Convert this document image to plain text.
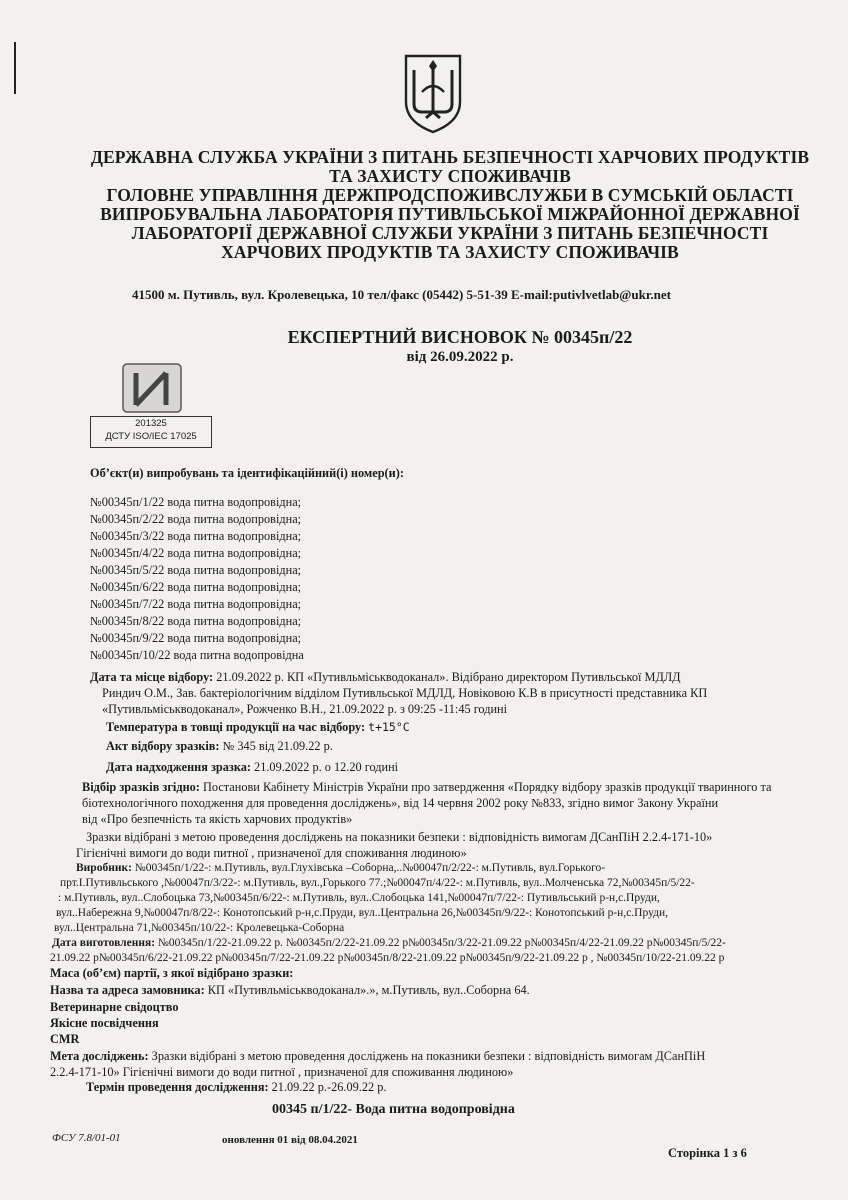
ДЕРЖАВНА СЛУЖБА УКРАЇНИ З ПИТАНЬ БЕЗПЕЧНОСТІ ХАРЧОВИХ ПРОДУКТІВ
ТА ЗАХИСТУ СПОЖИВАЧІВ
ГОЛОВНЕ УПРАВЛІННЯ ДЕРЖПРОДСПОЖИВСЛУЖБИ В СУМСЬКІЙ ОБЛАСТІ
ВИПРОБУВАЛЬНА ЛАБОРАТОРІЯ ПУТИВЛЬСЬКОЇ МІЖРАЙОННОЇ ДЕРЖАВНОЇ
ЛАБОРАТОРІЇ ДЕРЖАВНОЇ СЛУЖБИ УКРАЇНИ З ПИТАНЬ БЕЗПЕЧНОСТІ
ХАРЧОВИХ ПРОДУКТІВ ТА ЗАХИСТУ СПОЖИВАЧІВ
41500 м. Путивль, вул. Кролевецька, 10 тел/факс (05442) 5-51-39 E-mail:putivlvetlab@ukr.net
ЕКСПЕРТНИЙ ВИСНОВОК № 00345п/22
від 26.09.2022 р.
201325
ДСТУ ISO/IEC 17025
Об’єкт(и) випробувань та ідентифікаційний(і) номер(и):
№00345п/1/22 вода питна водопровідна;
№00345п/2/22 вода питна водопровідна;
№00345п/3/22 вода питна водопровідна;
№00345п/4/22 вода питна водопровідна;
№00345п/5/22 вода питна водопровідна;
№00345п/6/22 вода питна водопровідна;
№00345п/7/22 вода питна водопровідна;
№00345п/8/22 вода питна водопровідна;
№00345п/9/22 вода питна водопровідна;
№00345п/10/22 вода питна водопровідна
Дата та місце відбору: 21.09.2022 р. КП «Путивльміськводоканал». Відібрано директором Путивльської МДЛД
Риндич О.М., Зав. бактеріологічним відділом Путивльської МДЛД, Новіковою К.В в присутності представника КП
«Путивльміськводоканал», Рожченко В.Н., 21.09.2022 р. з 09:25 -11:45 годині
Температура в товщі продукції на час відбору: t+15°С
Акт відбору зразків: № 345 від 21.09.22 р.
Дата надходження зразка: 21.09.2022 р. о 12.20 годині
Відбір зразків згідно: Постанови Кабінету Міністрів України про затвердження «Порядку відбору зразків продукції тваринного та
біотехнологічного походження для проведення досліджень», від 14 червня 2002 року №833, згідно вимог Закону України
від «Про безпечність та якість харчових продуктів»
Зразки відібрані з метою проведення досліджень на показники безпеки : відповідність вимогам ДСанПіН 2.2.4-171-10»
Гігієнічні вимоги до води питної , призначеної для споживання людиною»
Виробник: №00345п/1/22-: м.Путивль, вул.Глухівська –Соборна,..№00047п/2/22-: м.Путивль, вул.Горького-
прт.І.Путивльського ,№00047п/3/22-: м.Путивль, вул.,Горького 77.;№00047п/4/22-: м.Путивль, вул..Молченська 72,№00345п/5/22-
: м.Путивль, вул..Слобоцька 73,№00345п/6/22-: м.Путивль, вул..Слобоцька 141,№00047п/7/22-: Путивльський р-н,с.Пруди,
вул..Набережна 9,№00047п/8/22-: Конотопський р-н,с.Пруди, вул..Центральна 26,№00345п/9/22-: Конотопський р-н,с.Пруди,
вул..Центральна 71,№00345п/10/22-: Кролевецька-Соборна
Дата виготовлення: №00345п/1/22-21.09.22 р. №00345п/2/22-21.09.22 р№00345п/3/22-21.09.22 р№00345п/4/22-21.09.22 р№00345п/5/22-
21.09.22 р№00345п/6/22-21.09.22 р№00345п/7/22-21.09.22 р№00345п/8/22-21.09.22 р№00345п/9/22-21.09.22 р , №00345п/10/22-21.09.22 р
Маса (об’єм) партії, з якої відібрано зразки:
Назва та адреса замовника: КП «Путивльміськводоканал».», м.Путивль, вул..Соборна 64.
Ветеринарне свідоцтво
Якісне посвідчення
CMR
Мета досліджень: Зразки відібрані з метою проведення досліджень на показники безпеки : відповідність вимогам ДСанПіН
2.2.4-171-10» Гігієнічні вимоги до води питної , призначеної для споживання людиною»
Термін проведення дослідження: 21.09.22 р.-26.09.22 р.
00345 п/1/22- Вода питна водопровідна
ФСУ 7.8/01-01	оновлення 01 від 08.04.2021
Сторінка 1 з 6
